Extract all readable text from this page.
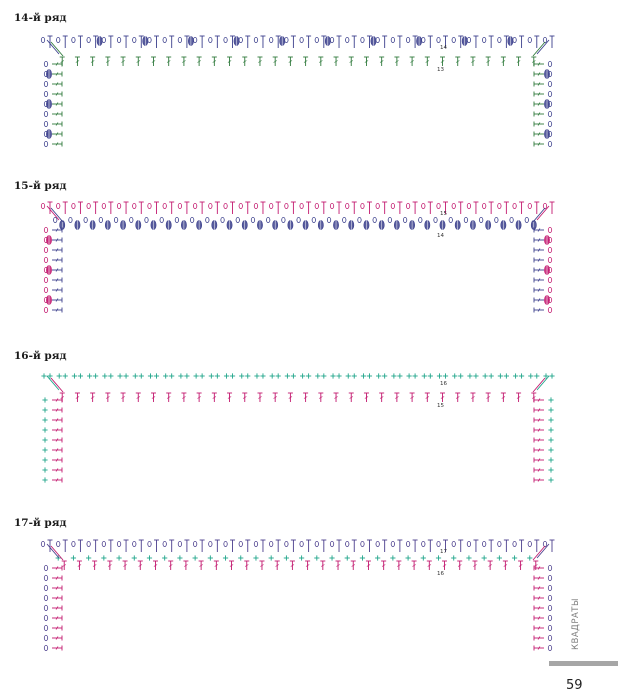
14-й ряд
15-й ряд
16-й ряд
17-й ряд
14
13
15
14
16
15
17
16
КВАДРАТЫ
59
